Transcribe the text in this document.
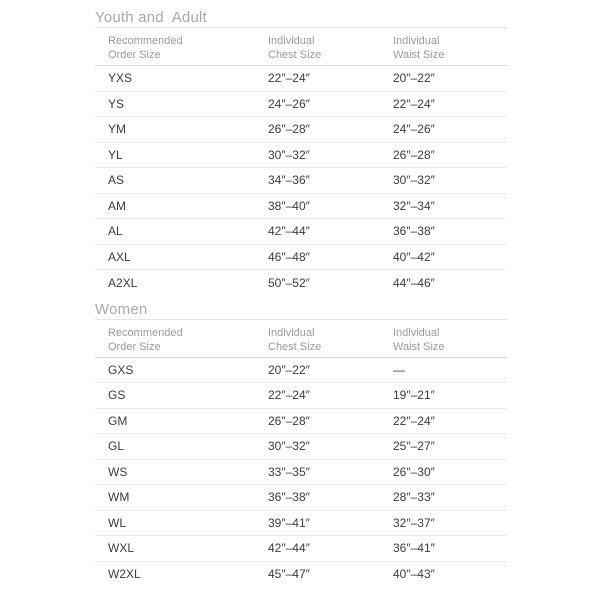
Youth and  Adult
Recommended
Order Size
Individual
Chest Size
Individual
Waist Size
YXS	22″–24″	20″–22″
YS	24″–26″	22″–24″
YM	26″–28″	24″–26″
YL	30″–32″	26″–28″
AS	34″–36″	30″–32″
AM	38″–40″	32″–34″
AL	42″–44″	36″–38″
AXL	46″–48″	40″–42″
A2XL	50″–52″	44″–46″
Women
Recommended
Order Size
Individual
Chest Size
Individual
Waist Size
GXS	20″–22″	—
GS	22″–24″	19″–21″
GM	26″–28″	22″–24″
GL	30″–32″	25″–27″
WS	33″–35″	26″–30″
WM	36″–38″	28″–33″
WL	39″–41″	32″–37″
WXL	42″–44″	36″–41″
W2XL	45″–47″	40″–43″
